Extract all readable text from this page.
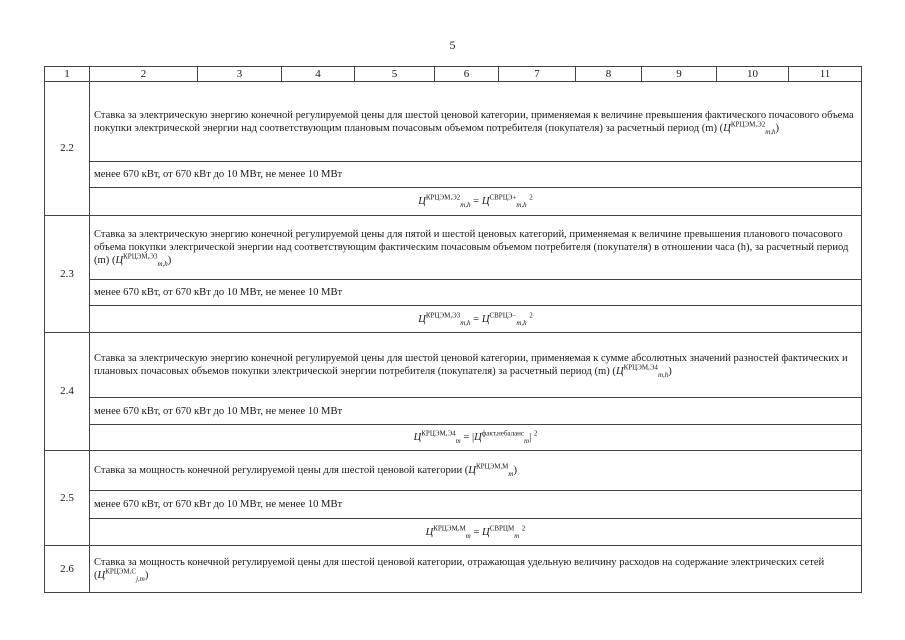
5
1	2	3	4	5	6	7	8	9	10	11
2.2	Ставка за электрическую энергию конечной регулируемой цены для шестой ценовой категории, применяемая к величине превышения фактического почасового объема покупки электрической энергии над соответствующим плановым почасовым объемом потребителя (покупателя) за расчетный период (m) $(Ц^{КРЦЭМ,Э2}_{m,h})$									
	менее 670 кВт, от 670 кВт до 10 МВт, не менее 10 МВт									
	$Ц^{КРЦЭМ,Э2}_{m,h} = Ц^{СВРЦЭ+}_{m,h}$ $^2$
2.3	Ставка за электрическую энергию конечной регулируемой цены для пятой и шестой ценовых категорий, применяемая к величине превышения планового почасового объема покупки электрической энергии над соответствующим фактическим почасовым объемом потребителя (покупателя) в отношении часа (h), за расчетный период (m) $(Ц^{КРЦЭМ,Э3}_{m,h})$									
	менее 670 кВт, от 670 кВт до 10 МВт, не менее 10 МВт									
	$Ц^{КРЦЭМ,Э3}_{m,h} = Ц^{СВРЦЭ-}_{m,h}$ $^2$
2.4	Ставка за электрическую энергию конечной регулируемой цены для шестой ценовой категории, применяемая к сумме абсолютных значений разностей фактических и плановых почасовых объемов покупки электрической энергии потребителя (покупателя) за расчетный период (m) $(Ц^{КРЦЭМ,Э4}_{m,h})$									
	менее 670 кВт, от 670 кВт до 10 МВт, не менее 10 МВт									
	$Ц^{КРЦЭМ,Э4}_m = |Ц^{факт,небаланс}_m|$ $^2$
2.5	Ставка за мощность конечной регулируемой цены для шестой ценовой категории $(Ц^{КРЦЭМ,М}_m)$									
	менее 670 кВт, от 670 кВт до 10 МВт, не менее 10 МВт									
	$Ц^{КРЦЭМ,М}_m = Ц^{СВРЦМ}_m$ $^2$
2.6	Ставка за мощность конечной регулируемой цены для шестой ценовой категории, отражающая удельную величину расходов на содержание электрических сетей $(Ц^{КРЦЭМ,С}_{j,m})$									
